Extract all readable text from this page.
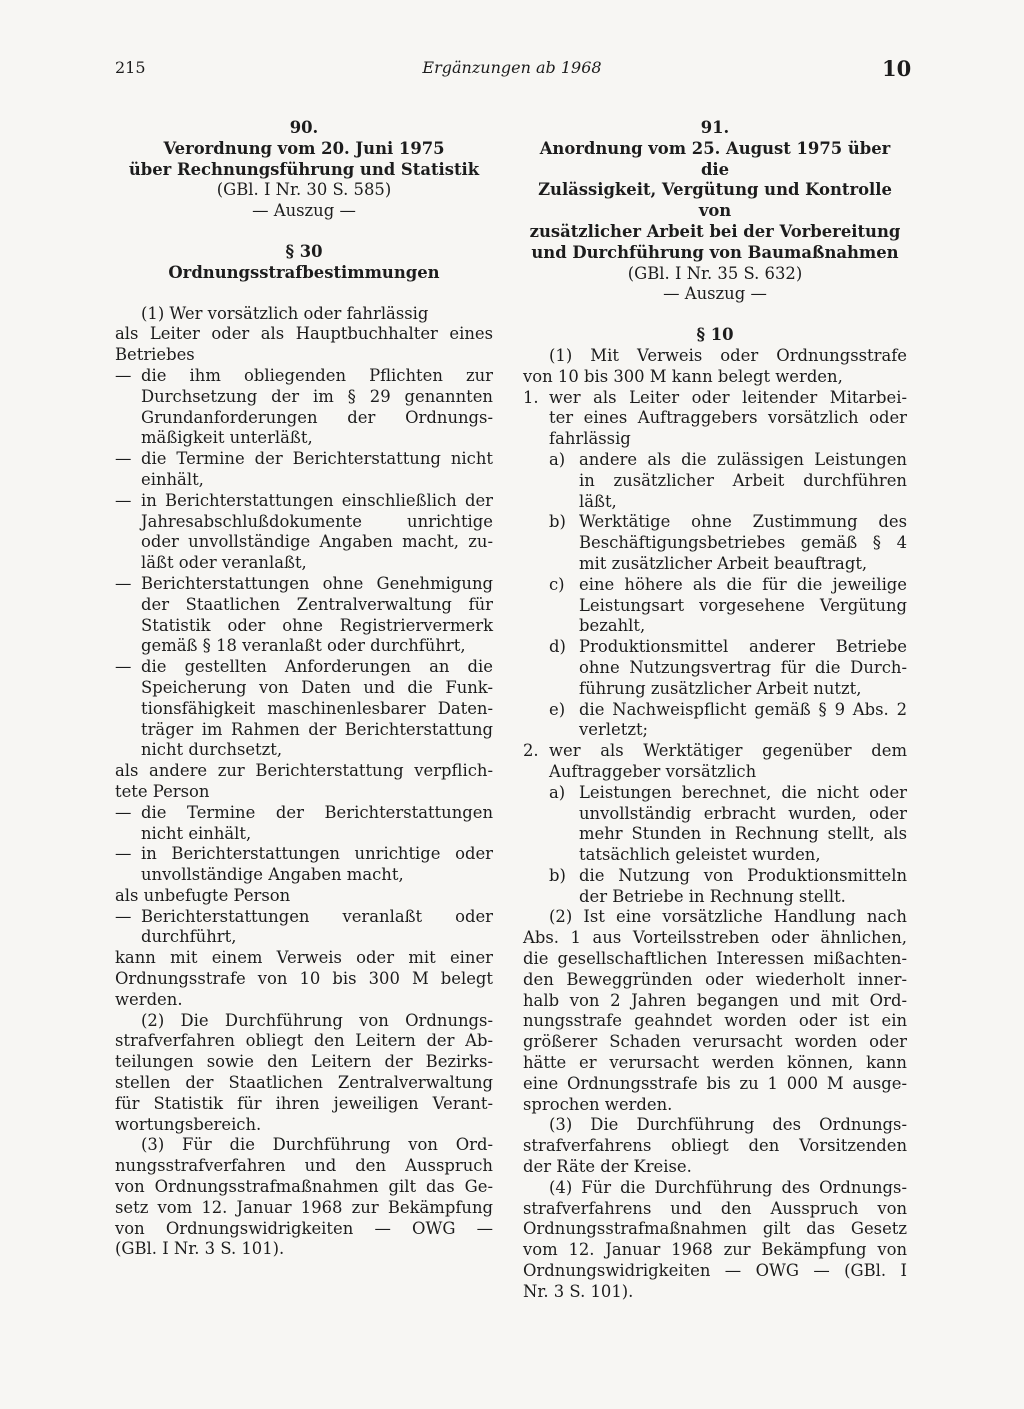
215	Ergänzungen ab 1968	10
90.
Verordnung vom 20. Juni 1975
über Rechnungsführung und Statistik
(GBl. I Nr. 30 S. 585)
— Auszug —
§ 30
Ordnungsstrafbestimmungen
(1) Wer vorsätzlich oder fahrlässig
als Leiter oder als Hauptbuchhalter eines
Betriebes
— die ihm obliegenden Pflichten zur
Durchsetzung der im § 29 genannten
Grundanforderungen der Ordnungs-
mäßigkeit unterläßt,
— die Termine der Berichterstattung nicht
einhält,
— in Berichterstattungen einschließlich der
Jahresabschlußdokumente unrichtige
oder unvollständige Angaben macht, zu-
läßt oder veranlaßt,
— Berichterstattungen ohne Genehmigung
der Staatlichen Zentralverwaltung für
Statistik oder ohne Registriervermerk
gemäß § 18 veranlaßt oder durchführt,
— die gestellten Anforderungen an die
Speicherung von Daten und die Funk-
tionsfähigkeit maschinenlesbarer Daten-
träger im Rahmen der Berichterstattung
nicht durchsetzt,
als andere zur Berichterstattung verpflich-
tete Person
— die Termine der Berichterstattungen
nicht einhält,
— in Berichterstattungen unrichtige oder
unvollständige Angaben macht,
als unbefugte Person
— Berichterstattungen veranlaßt oder
durchführt,
kann mit einem Verweis oder mit einer
Ordnungsstrafe von 10 bis 300 M belegt
werden.
(2) Die Durchführung von Ordnungs-
strafverfahren obliegt den Leitern der Ab-
teilungen sowie den Leitern der Bezirks-
stellen der Staatlichen Zentralverwaltung
für Statistik für ihren jeweiligen Verant-
wortungsbereich.
(3) Für die Durchführung von Ord-
nungsstrafverfahren und den Ausspruch
von Ordnungsstrafmaßnahmen gilt das Ge-
setz vom 12. Januar 1968 zur Bekämpfung
von Ordnungswidrigkeiten — OWG —
(GBl. I Nr. 3 S. 101).
91.
Anordnung vom 25. August 1975 über die
Zulässigkeit, Vergütung und Kontrolle von
zusätzlicher Arbeit bei der Vorbereitung
und Durchführung von Baumaßnahmen
(GBl. I Nr. 35 S. 632)
— Auszug —
§ 10
(1) Mit Verweis oder Ordnungsstrafe
von 10 bis 300 M kann belegt werden,
1. wer als Leiter oder leitender Mitarbei-
ter eines Auftraggebers vorsätzlich oder
fahrlässig
a) andere als die zulässigen Leistungen
in zusätzlicher Arbeit durchführen
läßt,
b) Werktätige ohne Zustimmung des
Beschäftigungsbetriebes gemäß § 4
mit zusätzlicher Arbeit beauftragt,
c) eine höhere als die für die jeweilige
Leistungsart vorgesehene Vergütung
bezahlt,
d) Produktionsmittel anderer Betriebe
ohne Nutzungsvertrag für die Durch-
führung zusätzlicher Arbeit nutzt,
e) die Nachweispflicht gemäß § 9 Abs. 2
verletzt;
2. wer als Werktätiger gegenüber dem
Auftraggeber vorsätzlich
a) Leistungen berechnet, die nicht oder
unvollständig erbracht wurden, oder
mehr Stunden in Rechnung stellt, als
tatsächlich geleistet wurden,
b) die Nutzung von Produktionsmitteln
der Betriebe in Rechnung stellt.
(2) Ist eine vorsätzliche Handlung nach
Abs. 1 aus Vorteilsstreben oder ähnlichen,
die gesellschaftlichen Interessen mißachten-
den Beweggründen oder wiederholt inner-
halb von 2 Jahren begangen und mit Ord-
nungsstrafe geahndet worden oder ist ein
größerer Schaden verursacht worden oder
hätte er verursacht werden können, kann
eine Ordnungsstrafe bis zu 1 000 M ausge-
sprochen werden.
(3) Die Durchführung des Ordnungs-
strafverfahrens obliegt den Vorsitzenden
der Räte der Kreise.
(4) Für die Durchführung des Ordnungs-
strafverfahrens und den Ausspruch von
Ordnungsstrafmaßnahmen gilt das Gesetz
vom 12. Januar 1968 zur Bekämpfung von
Ordnungswidrigkeiten — OWG — (GBl. I
Nr. 3 S. 101).
